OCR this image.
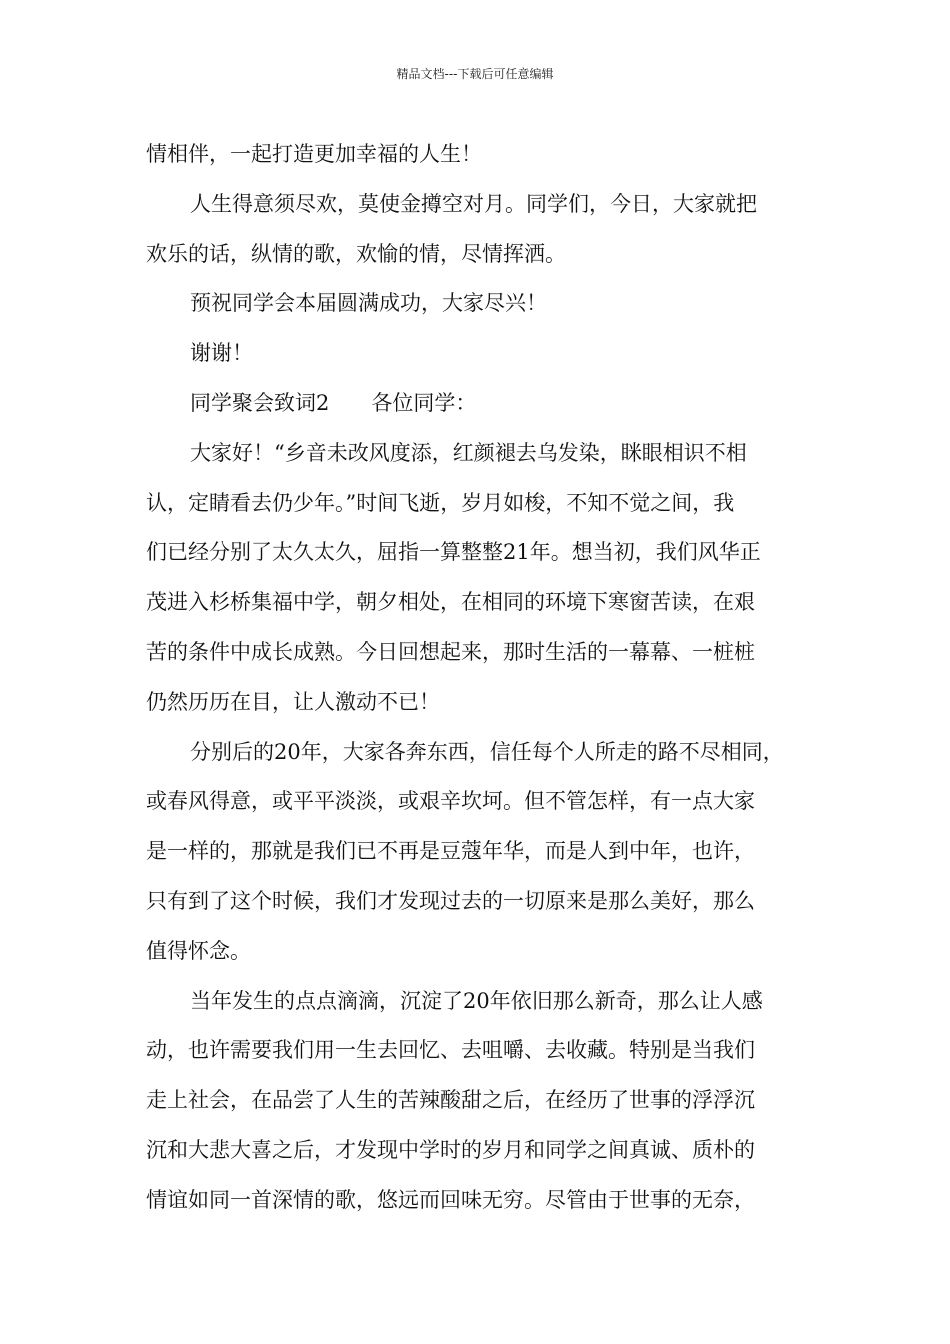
精品文档---下载后可任意编辑
情相伴，一起打造更加幸福的人生！
人生得意须尽欢，莫使金撙空对月。同学们，今日，大家就把
欢乐的话，纵情的歌，欢愉的情，尽情挥洒。
预祝同学会本届圆满成功，大家尽兴！
谢谢！
同学聚会致词2　　各位同学：
大家好！“乡音未改风度添，红颜褪去乌发染，眯眼相识不相
认，定睛看去仍少年。”时间飞逝，岁月如梭，不知不觉之间，我
们已经分别了太久太久，屈指一算整整21年。想当初，我们风华正
茂进入杉桥集福中学，朝夕相处，在相同的环境下寒窗苦读，在艰
苦的条件中成长成熟。今日回想起来，那时生活的一幕幕、一桩桩
仍然历历在目，让人激动不已！
分别后的20年，大家各奔东西，信任每个人所走的路不尽相同，
或春风得意，或平平淡淡，或艰辛坎坷。但不管怎样，有一点大家
是一样的，那就是我们已不再是豆蔻年华，而是人到中年，也许，
只有到了这个时候，我们才发现过去的一切原来是那么美好，那么
值得怀念。
当年发生的点点滴滴，沉淀了20年依旧那么新奇，那么让人感
动，也许需要我们用一生去回忆、去咀嚼、去收藏。特别是当我们
走上社会，在品尝了人生的苦辣酸甜之后，在经历了世事的浮浮沉
沉和大悲大喜之后，才发现中学时的岁月和同学之间真诚、质朴的
情谊如同一首深情的歌，悠远而回味无穷。尽管由于世事的无奈，
